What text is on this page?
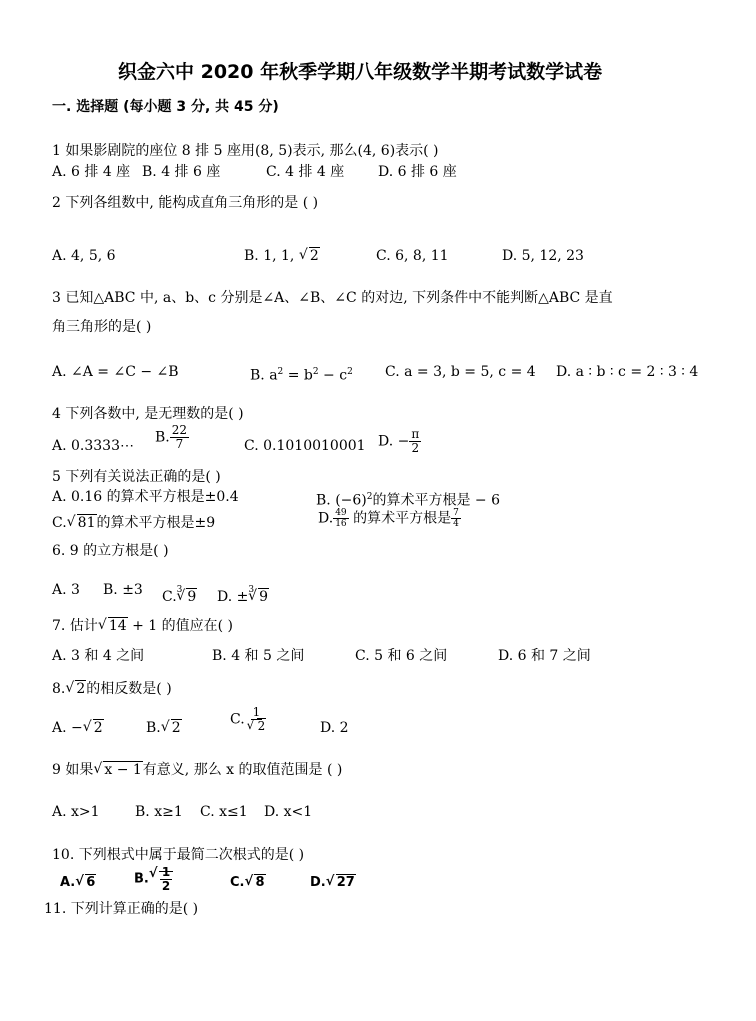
织金六中 2020 年秋季学期八年级数学半期考试数学试卷
一. 选择题 (每小题 3 分, 共 45 分)
1 如果影剧院的座位 8 排 5 座用(8, 5)表示, 那么(4, 6)表示( )
A. 6 排 4 座 B. 4 排 6 座	C. 4 排 4 座 D. 6 排 6 座
2 下列各组数中, 能构成直角三角形的是 ( )
A. 4, 5, 6	B. 1, 1, √ 2	C. 6, 8, 11	D. 5, 12, 23
3 已知△ABC 中, a、b、c 分别是∠A、∠B、∠C 的对边, 下列条件中不能判断△ABC 是直
角三角形的是( )
A. ∠A = ∠C − ∠B	B. $a^2 = b^2 - c^2$ C. a = 3, b = 5, c = 4 D. a ∶ b ∶ c = 2 ∶ 3 ∶ 4
4 下列各数中, 是无理数的是( )
A. 0.3333⋯
B. $\frac{22}{7}$	C. 0.1010010001 D. − $\frac{\pi}{2}$
5 下列有关说法正确的是( )
A. 0.16 的算术平方根是±0.4	B. $(-6)^2$的算术平方根是 − 6
C. √ 81的算术平方根是±9	D. $\frac{49}{16}$ 的算术平方根是 $\frac{7}{4}$
6. 9 的立方根是( )
A. 3 B. ±3 C.$^3$ √ 9 D. ±$^3$ √ 9
7. 估计 √ 14 + 1 的值应在( )
A. 3 和 4 之间	B. 4 和 5 之间	C. 5 和 6 之间	D. 6 和 7 之间
8. √ 2的相反数是( )
A. − √ 2	B. √ 2
C. 1
√ 2	D. 2
9 如果 √ x − 1有意义, 那么 x 的取值范围是 ( )
A. x>1	B. x≥1 C. x≤1 D. x<1
10. 下列根式中属于最简二次根式的是( )
A. √ 6	B. √ $\frac{1}{2}$	C. √ 8	D. √ 27
11. 下列计算正确的是( )
